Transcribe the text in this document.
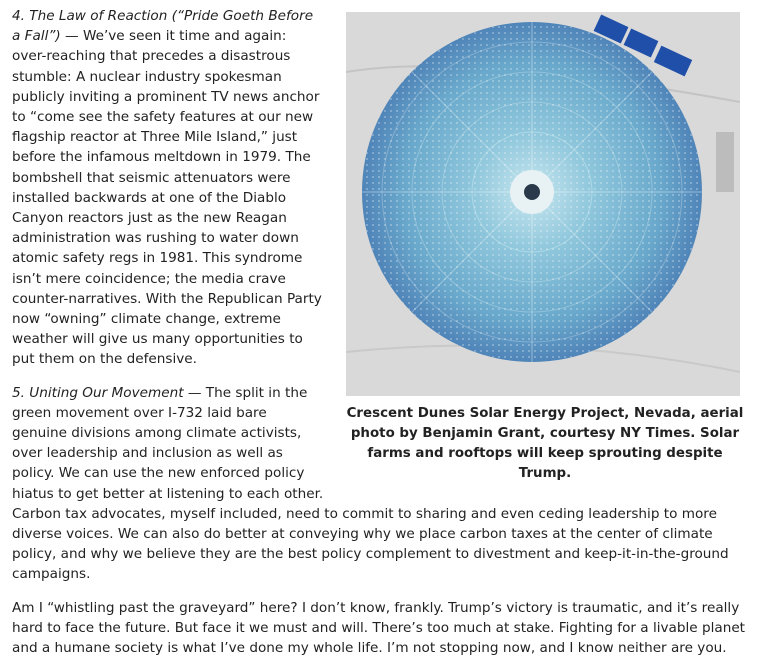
Crescent Dunes Solar Energy Project, Nevada, aerial photo by Benjamin Grant, courtesy NY Times. Solar farms and rooftops will keep sprouting despite Trump.

4. The Law of Reaction (“Pride Goeth Before a Fall”) — We’ve seen it time and again: over-reaching that precedes a disastrous stumble: A nuclear industry spokesman publicly inviting a prominent TV news anchor to “come see the safety features at our new flagship reactor at Three Mile Island,” just before the infamous meltdown in 1979. The bombshell that seismic attenuators were installed backwards at one of the Diablo Canyon reactors just as the new Reagan administration was rushing to water down atomic safety regs in 1981. This syndrome isn’t mere coincidence; the media crave counter-narratives. With the Republican Party now “owning” climate change, extreme weather will give us many opportunities to put them on the defensive.

5. Uniting Our Movement — The split in the green movement over I-732 laid bare genuine divisions among climate activists, over leadership and inclusion as well as policy. We can use the new enforced policy hiatus to get better at listening to each other. Carbon tax advocates, myself included, need to commit to sharing and even ceding leadership to more diverse voices. We can also do better at conveying why we place carbon taxes at the center of climate policy, and why we believe they are the best policy complement to divestment and keep-it-in-the-ground campaigns.

Am I “whistling past the graveyard” here? I don’t know, frankly. Trump’s victory is traumatic, and it’s really hard to face the future. But face it we must and will. There’s too much at stake. Fighting for a livable planet and a humane society is what I’ve done my whole life. I’m not stopping now, and I know neither are you.
